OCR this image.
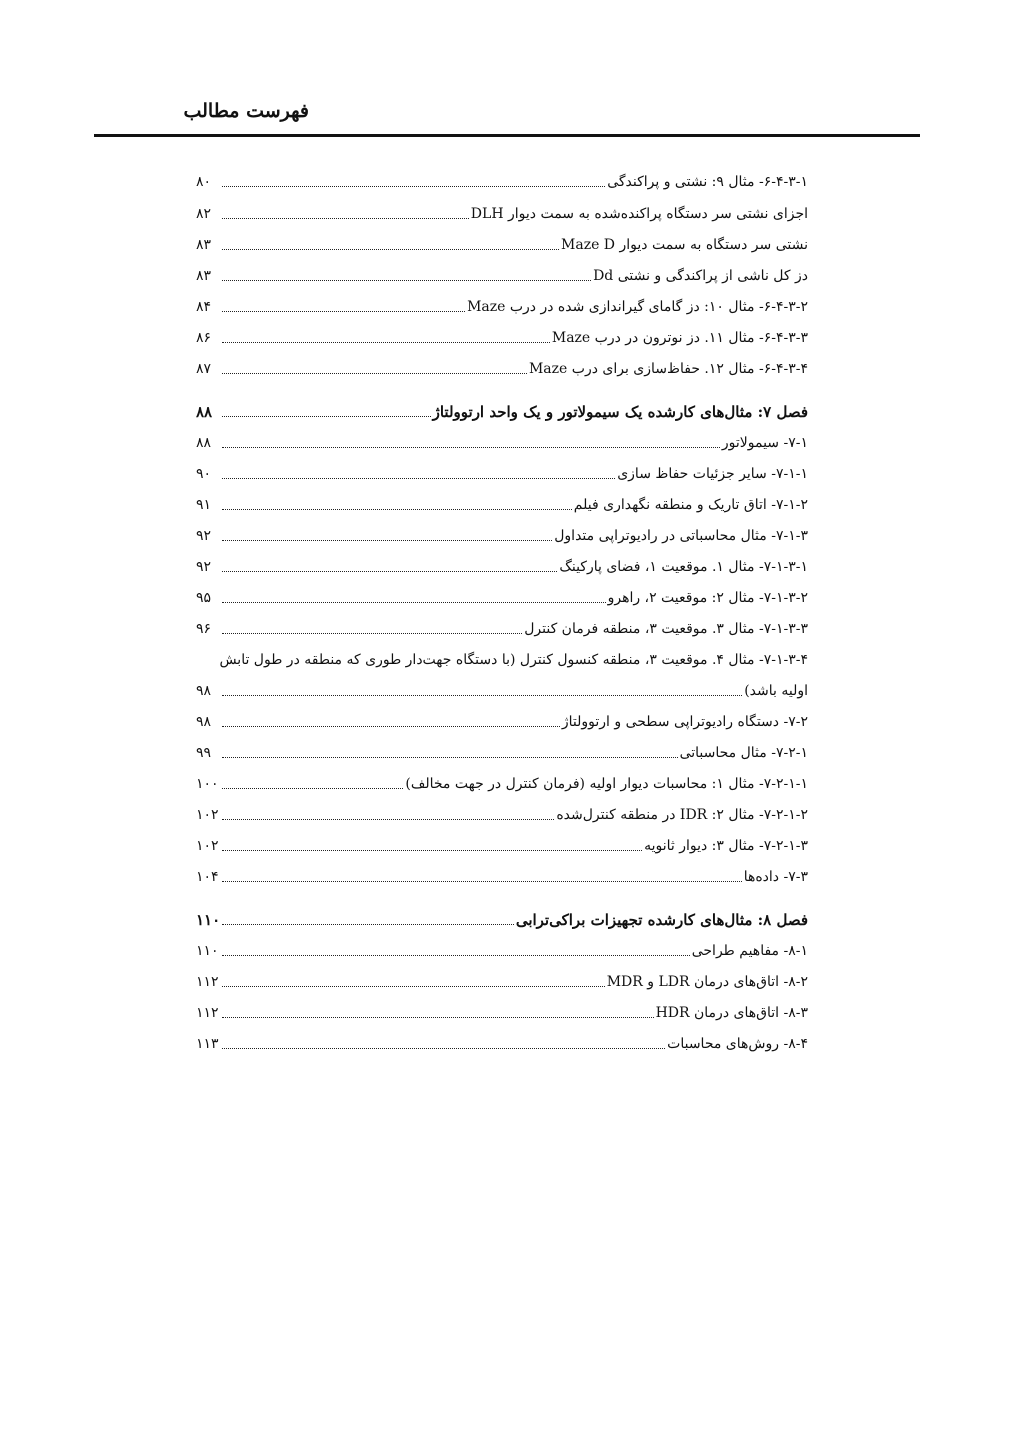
فهرست مطالب
۶-۴-۳-۱- مثال ۹: نشتی و پراکندگی
۸۰
اجزای نشتی سر دستگاه پراکنده‌شده به سمت دیوار DLH
۸۲
نشتی سر دستگاه به سمت دیوار Maze D
۸۳
دز کل ناشی از پراکندگی و نشتی Dd
۸۳
۶-۴-۳-۲- مثال ۱۰: دز گامای گیراندازی شده در درب Maze
۸۴
۶-۴-۳-۳- مثال ۱۱. دز نوترون در درب Maze
۸۶
۶-۴-۳-۴- مثال ۱۲. حفاظ‌سازی برای درب Maze
۸۷
فصل ۷: مثال‌های کارشده یک سیمولاتور و یک واحد ارتوولتاژ
۸۸
۷-۱- سیمولاتور
۸۸
۷-۱-۱- سایر جزئیات حفاظ سازی
۹۰
۷-۱-۲- اتاق تاریک و منطقه نگهداری فیلم
۹۱
۷-۱-۳- مثال محاسباتی در رادیوتراپی متداول
۹۲
۷-۱-۳-۱- مثال ۱. موقعیت ۱، فضای پارکینگ
۹۲
۷-۱-۳-۲- مثال ۲: موقعیت ۲، راهرو
۹۵
۷-۱-۳-۳- مثال ۳. موقعیت ۳، منطقه فرمان کنترل
۹۶
۷-۱-۳-۴- مثال ۴. موقعیت ۳، منطقه کنسول کنترل (با دستگاه جهت‌دار طوری که منطقه در طول تابش
اولیه باشد)
۹۸
۷-۲- دستگاه رادیوتراپی سطحی و ارتوولتاژ
۹۸
۷-۲-۱- مثال محاسباتی
۹۹
۷-۲-۱-۱- مثال ۱: محاسبات دیوار اولیه (فرمان کنترل در جهت مخالف)
۱۰۰
۷-۲-۱-۲- مثال ۲: IDR در منطقه کنترل‌شده
۱۰۲
۷-۲-۱-۳- مثال ۳: دیوار ثانویه
۱۰۲
۷-۳- داده‌ها
۱۰۴
فصل ۸: مثال‌های کارشده تجهیزات براکی‌ترابی
۱۱۰
۸-۱- مفاهیم طراحی
۱۱۰
۸-۲- اتاق‌های درمان LDR و MDR
۱۱۲
۸-۳- اتاق‌های درمان HDR
۱۱۲
۸-۴- روش‌های محاسبات
۱۱۳
